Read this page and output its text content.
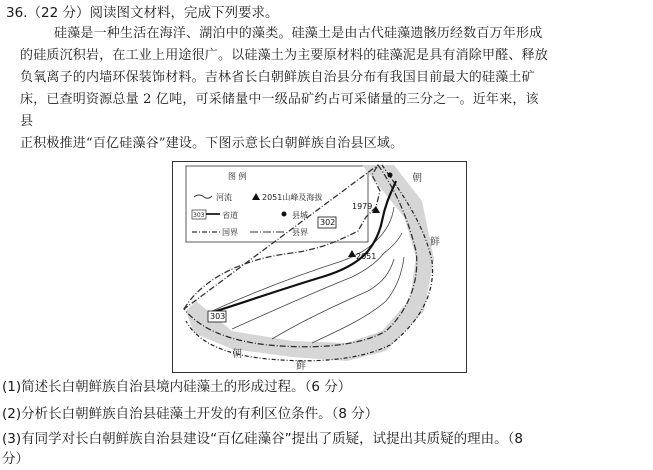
36.（22 分）阅读图文材料，完成下列要求。
硅藻是一种生活在海洋、湖泊中的藻类。硅藻土是由古代硅藻遗骸历经数百万年形成
的硅质沉积岩，在工业上用途很广。以硅藻土为主要原材料的硅藻泥是具有消除甲醛、释放
负氧离子的内墙环保装饰材料。吉林省长白朝鲜族自治县分布有我国目前最大的硅藻土矿
床，已查明资源总量 2 亿吨，可采储量中一级品矿约占可采储量的三分之一。近年来，该
县
正积极推进“百亿硅藻谷”建设。下图示意长白朝鲜族自治县区域。
图 例
河流	2051山峰及海拔
303 省道	县城
国界	县界
302
303
1979
2051
朝
鲜
朝
鲜
(1)简述长白朝鲜族自治县境内硅藻土的形成过程。（6 分）
(2)分析长白朝鲜族自治县硅藻土开发的有利区位条件。（8 分）
(3)有同学对长白朝鲜族自治县建设“百亿硅藻谷”提出了质疑，试提出其质疑的理由。（8
分）
